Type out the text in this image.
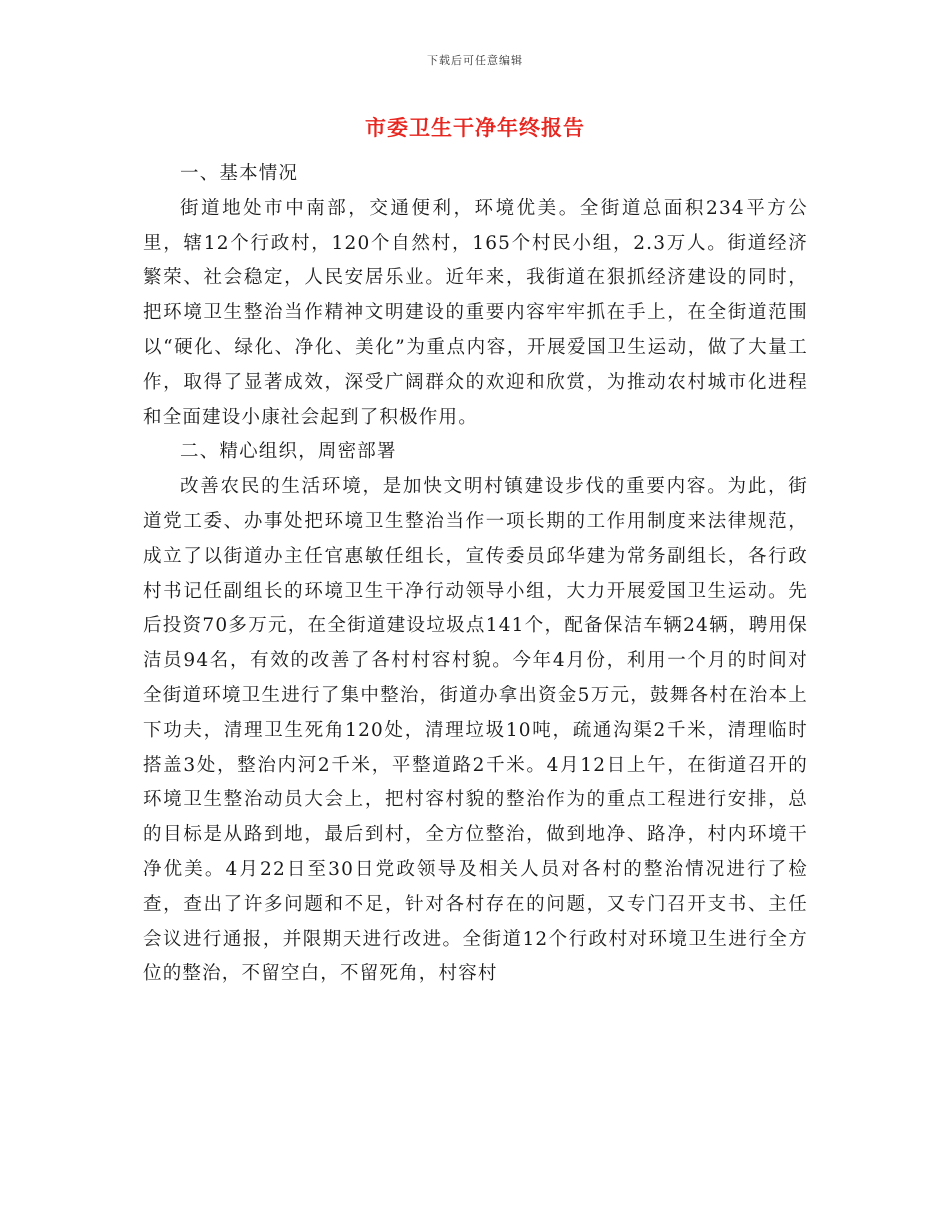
下载后可任意编辑
市委卫生干净年终报告

一、基本情况

街道地处市中南部，交通便利，环境优美。全街道总面积234平方公里，辖12个行政村，120个自然村，165个村民小组，2.3万人。街道经济繁荣、社会稳定，人民安居乐业。近年来，我街道在狠抓经济建设的同时，把环境卫生整治当作精神文明建设的重要内容牢牢抓在手上，在全街道范围以“硬化、绿化、净化、美化”为重点内容，开展爱国卫生运动，做了大量工作，取得了显著成效，深受广阔群众的欢迎和欣赏，为推动农村城市化进程和全面建设小康社会起到了积极作用。

二、精心组织，周密部署

改善农民的生活环境，是加快文明村镇建设步伐的重要内容。为此，街道党工委、办事处把环境卫生整治当作一项长期的工作用制度来法律规范，成立了以街道办主任官惠敏任组长，宣传委员邱华建为常务副组长，各行政村书记任副组长的环境卫生干净行动领导小组，大力开展爱国卫生运动。先后投资70多万元，在全街道建设垃圾点141个，配备保洁车辆24辆，聘用保洁员94名，有效的改善了各村村容村貌。今年4月份，利用一个月的时间对全街道环境卫生进行了集中整治，街道办拿出资金5万元，鼓舞各村在治本上下功夫，清理卫生死角120处，清理垃圾10吨，疏通沟渠2千米，清理临时搭盖3处，整治内河2千米，平整道路2千米。4月12日上午，在街道召开的环境卫生整治动员大会上，把村容村貌的整治作为的重点工程进行安排，总的目标是从路到地，最后到村，全方位整治，做到地净、路净，村内环境干净优美。4月22日至30日党政领导及相关人员对各村的整治情况进行了检查，查出了许多问题和不足，针对各村存在的问题，又专门召开支书、主任会议进行通报，并限期天进行改进。全街道12个行政村对环境卫生进行全方位的整治，不留空白，不留死角，村容村
